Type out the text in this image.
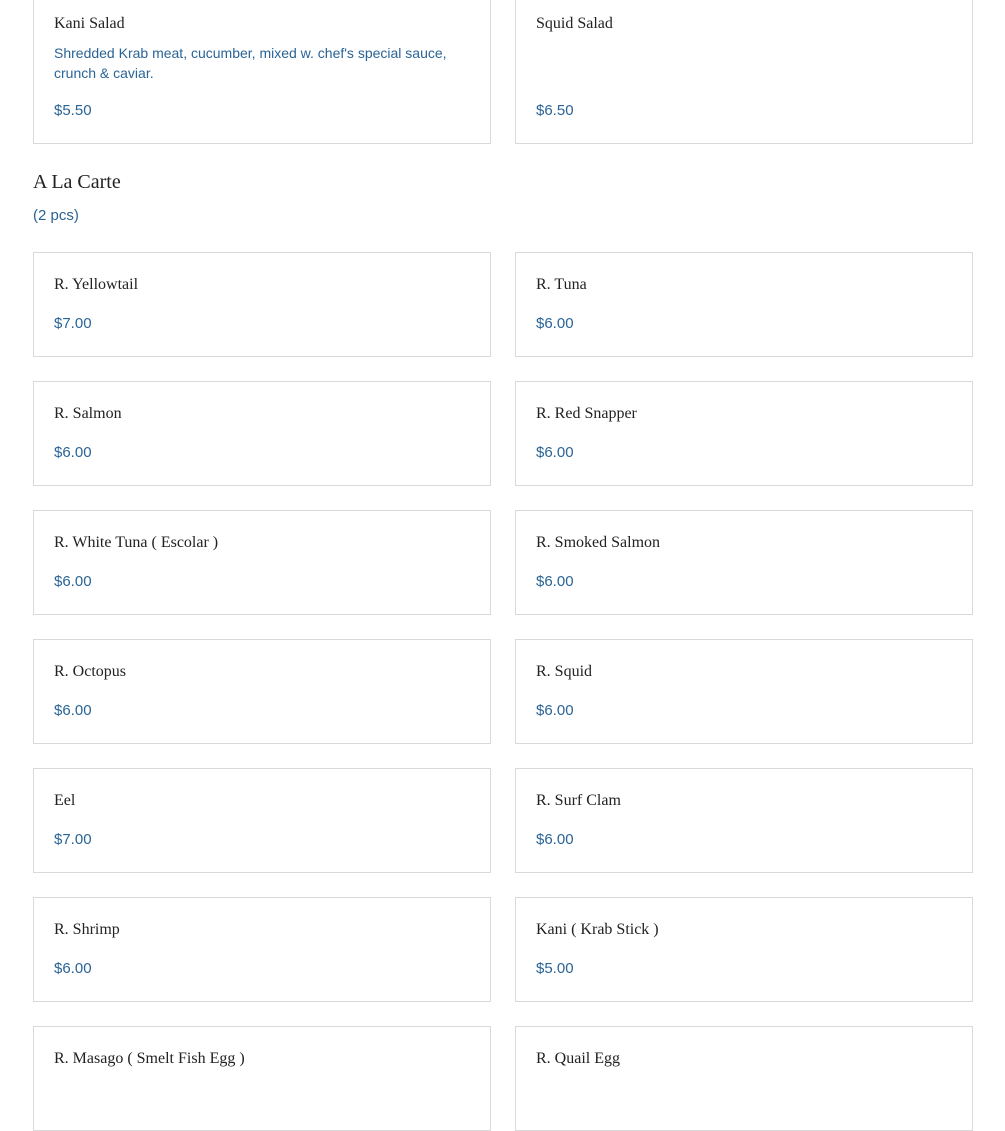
Kani Salad
Shredded Krab meat, cucumber, mixed w. chef's special sauce, crunch & caviar.
$5.50
Squid Salad
$6.50
A La Carte
(2 pcs)
R. Yellowtail
$7.00
R. Tuna
$6.00
R. Salmon
$6.00
R. Red Snapper
$6.00
R. White Tuna ( Escolar )
$6.00
R. Smoked Salmon
$6.00
R. Octopus
$6.00
R. Squid
$6.00
Eel
$7.00
R. Surf Clam
$6.00
R. Shrimp
$6.00
Kani ( Krab Stick )
$5.00
R. Masago ( Smelt Fish Egg )	R. Quail Egg
